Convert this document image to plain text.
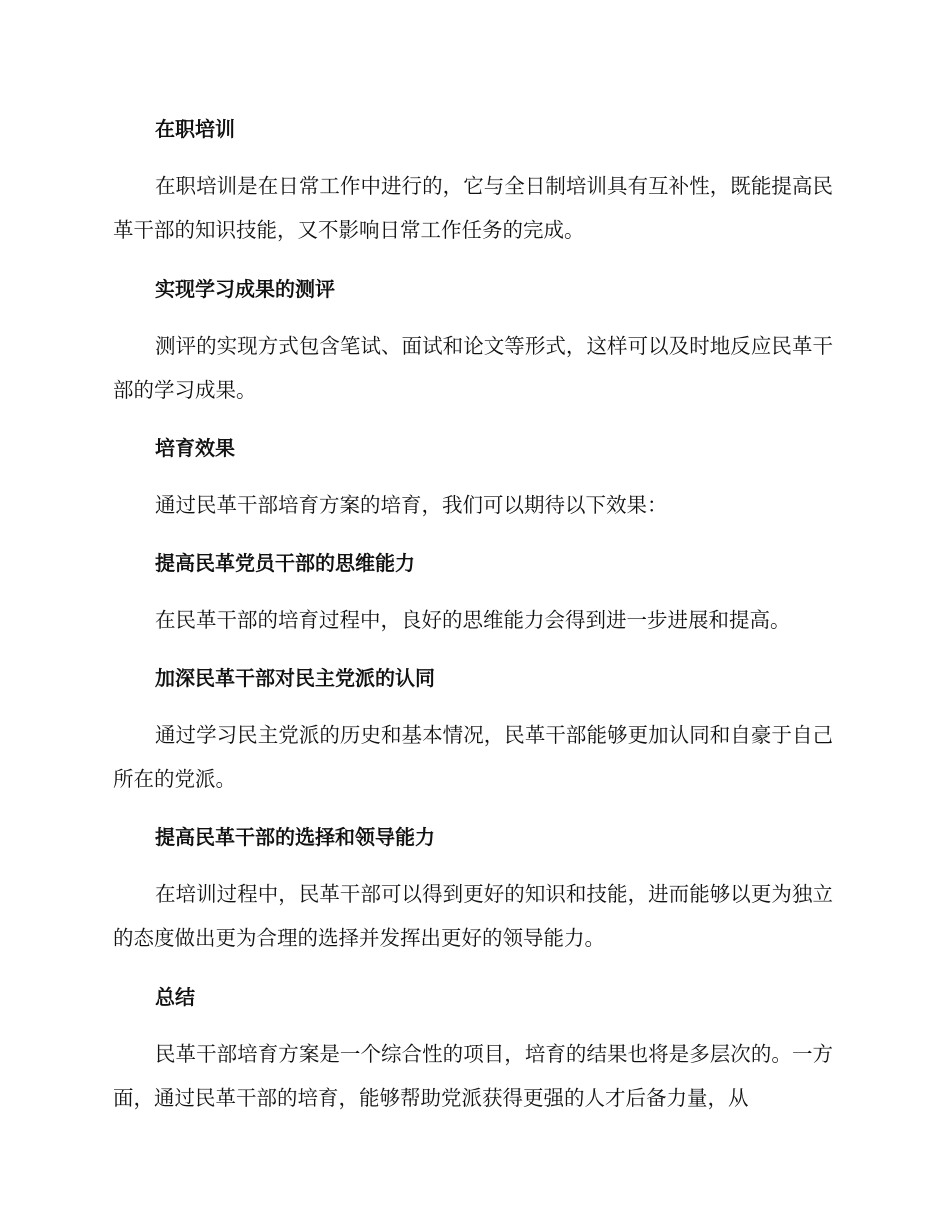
在职培训

在职培训是在日常工作中进行的，它与全日制培训具有互补性，既能提高民革干部的知识技能，又不影响日常工作任务的完成。

实现学习成果的测评

测评的实现方式包含笔试、面试和论文等形式，这样可以及时地反应民革干部的学习成果。

培育效果

通过民革干部培育方案的培育，我们可以期待以下效果：

提高民革党员干部的思维能力

在民革干部的培育过程中，良好的思维能力会得到进一步进展和提高。

加深民革干部对民主党派的认同

通过学习民主党派的历史和基本情况，民革干部能够更加认同和自豪于自己所在的党派。

提高民革干部的选择和领导能力

在培训过程中，民革干部可以得到更好的知识和技能，进而能够以更为独立的态度做出更为合理的选择并发挥出更好的领导能力。

总结

民革干部培育方案是一个综合性的项目，培育的结果也将是多层次的。一方面，通过民革干部的培育，能够帮助党派获得更强的人才后备力量，从
